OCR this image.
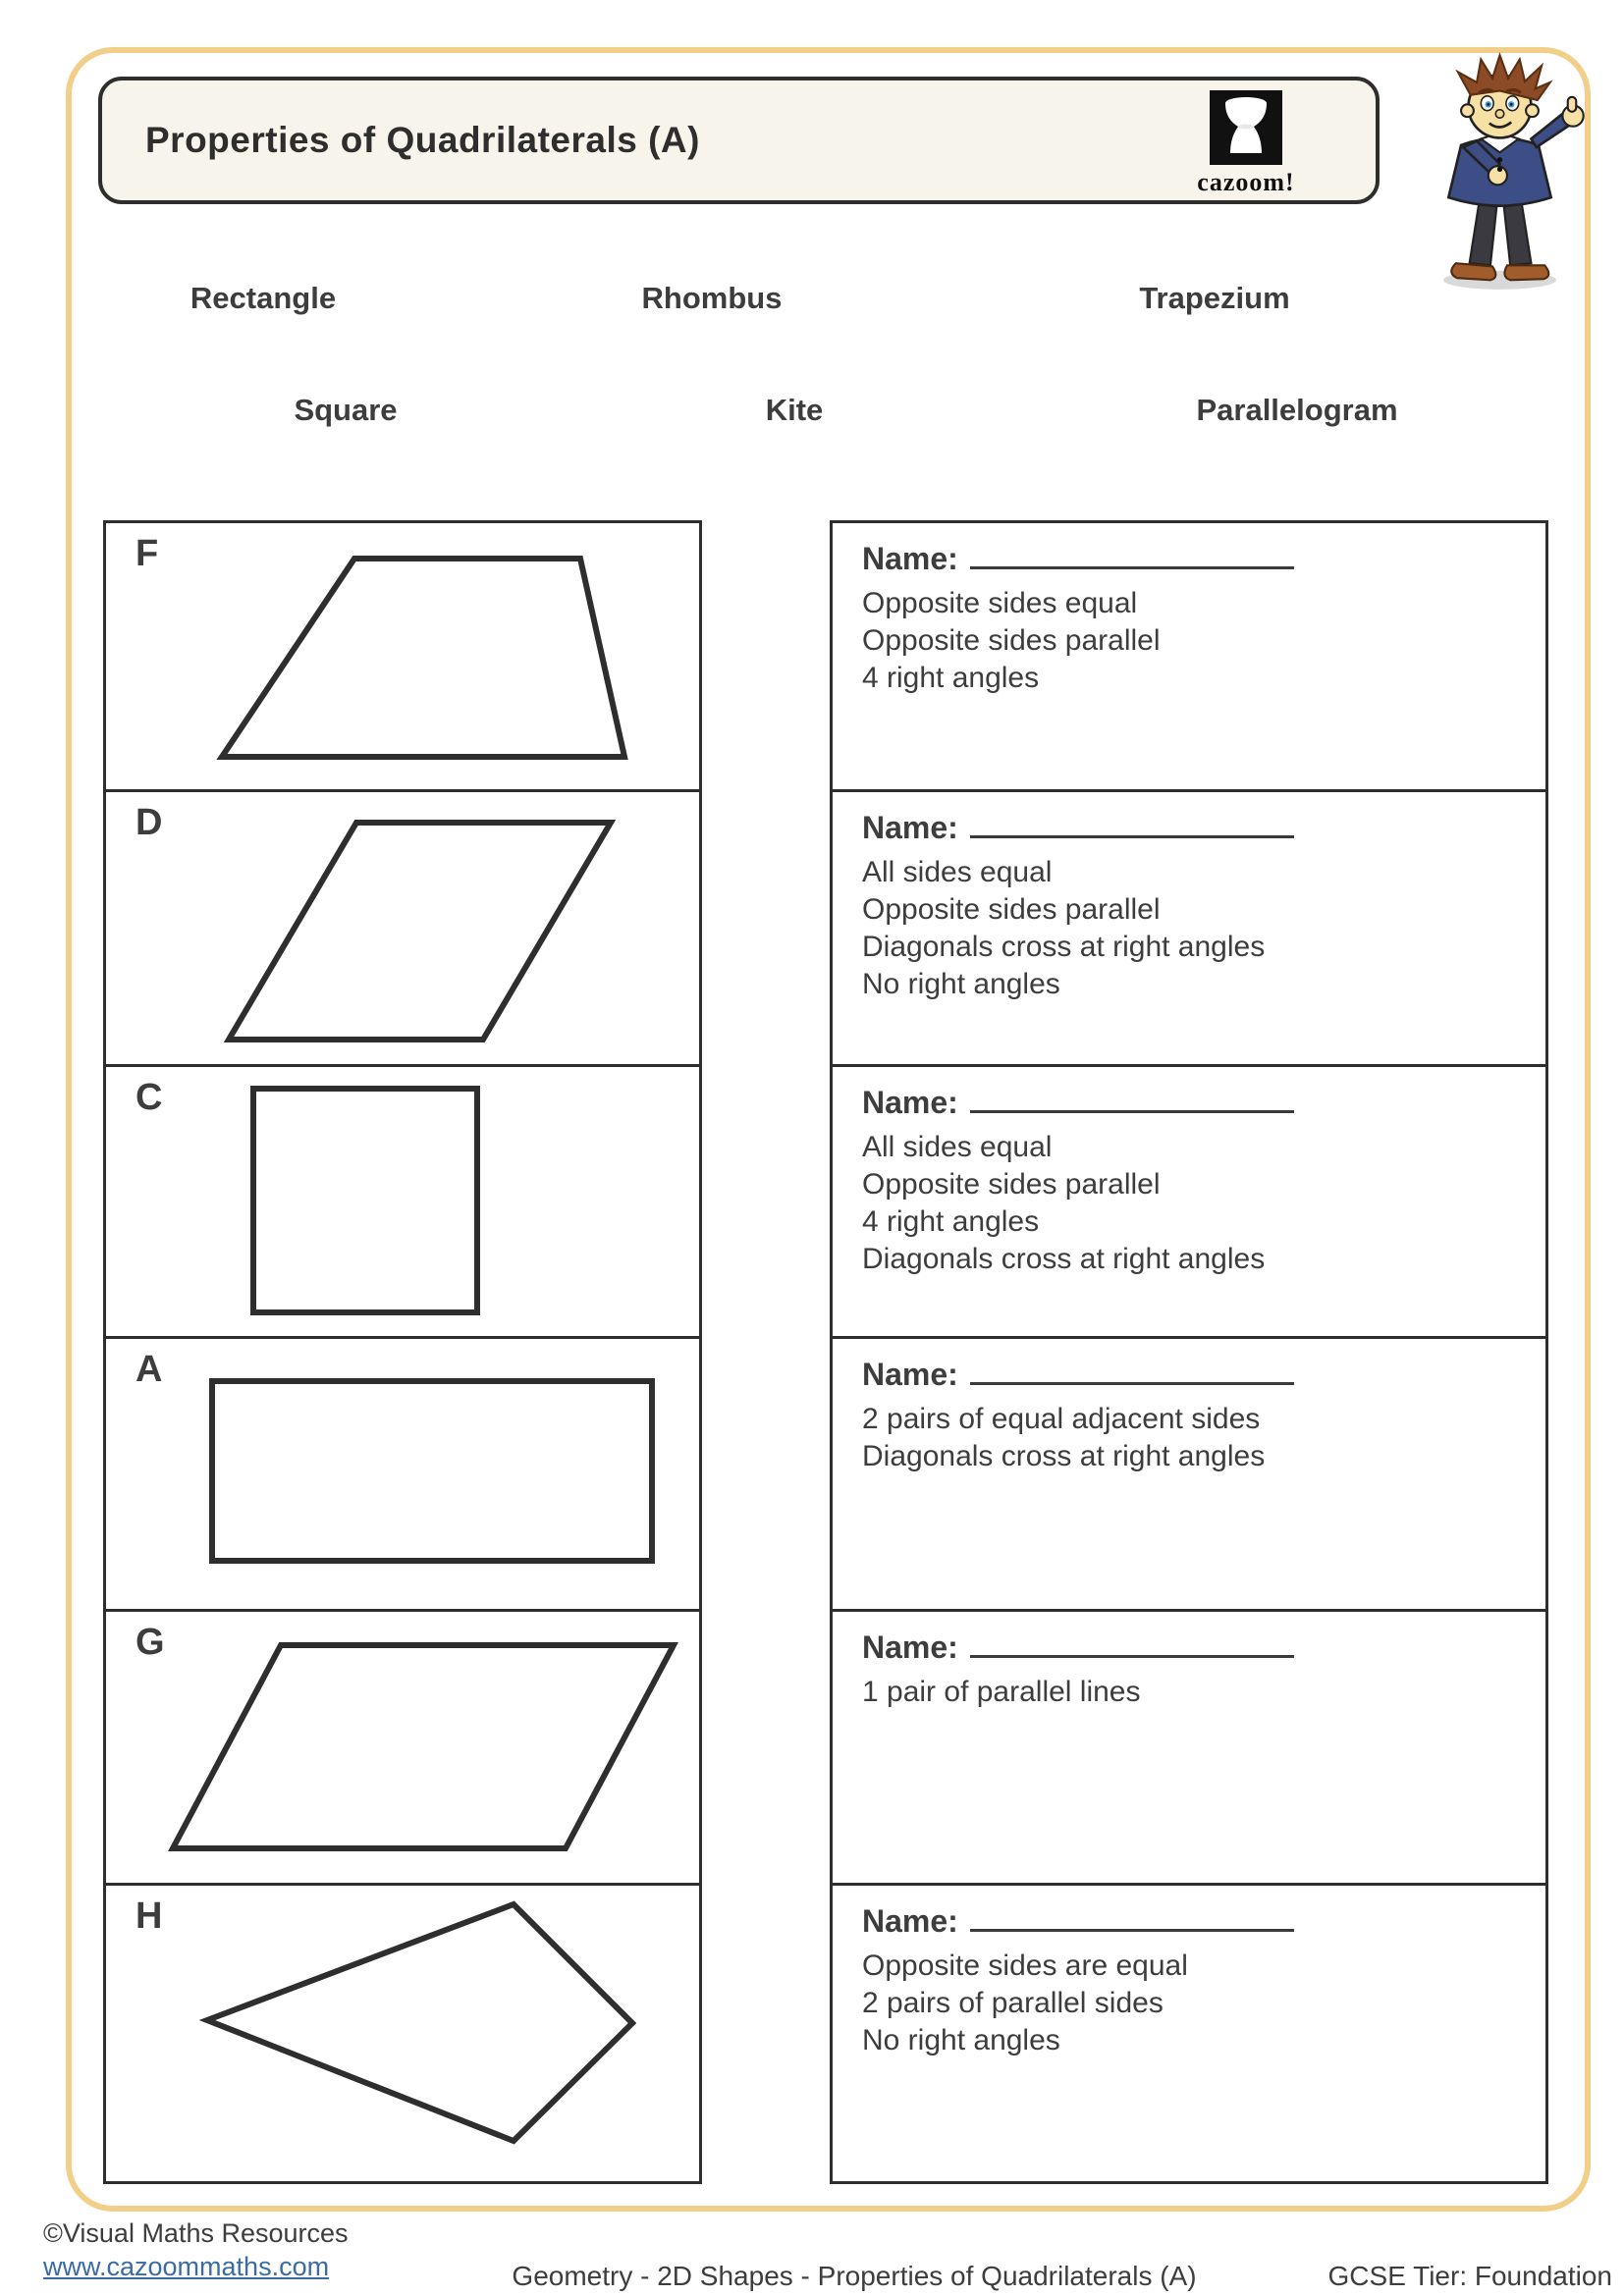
Properties of Quadrilaterals (A)
cazoom!
Rectangle	Rhombus	Trapezium
Square	Kite	Parallelogram
F
D
C
A
G
H
Name:
Opposite sides equal
Opposite sides parallel
4 right angles
Name:
All sides equal
Opposite sides parallel
Diagonals cross at right angles
No right angles
Name:
All sides equal
Opposite sides parallel
4 right angles
Diagonals cross at right angles
Name:
2 pairs of equal adjacent sides
Diagonals cross at right angles
Name:
1 pair of parallel lines
Name:
Opposite sides are equal
2 pairs of parallel sides
No right angles
©Visual Maths Resources
www.cazoommaths.com	Geometry - 2D Shapes - Properties of Quadrilaterals (A)	GCSE Tier: Foundation
